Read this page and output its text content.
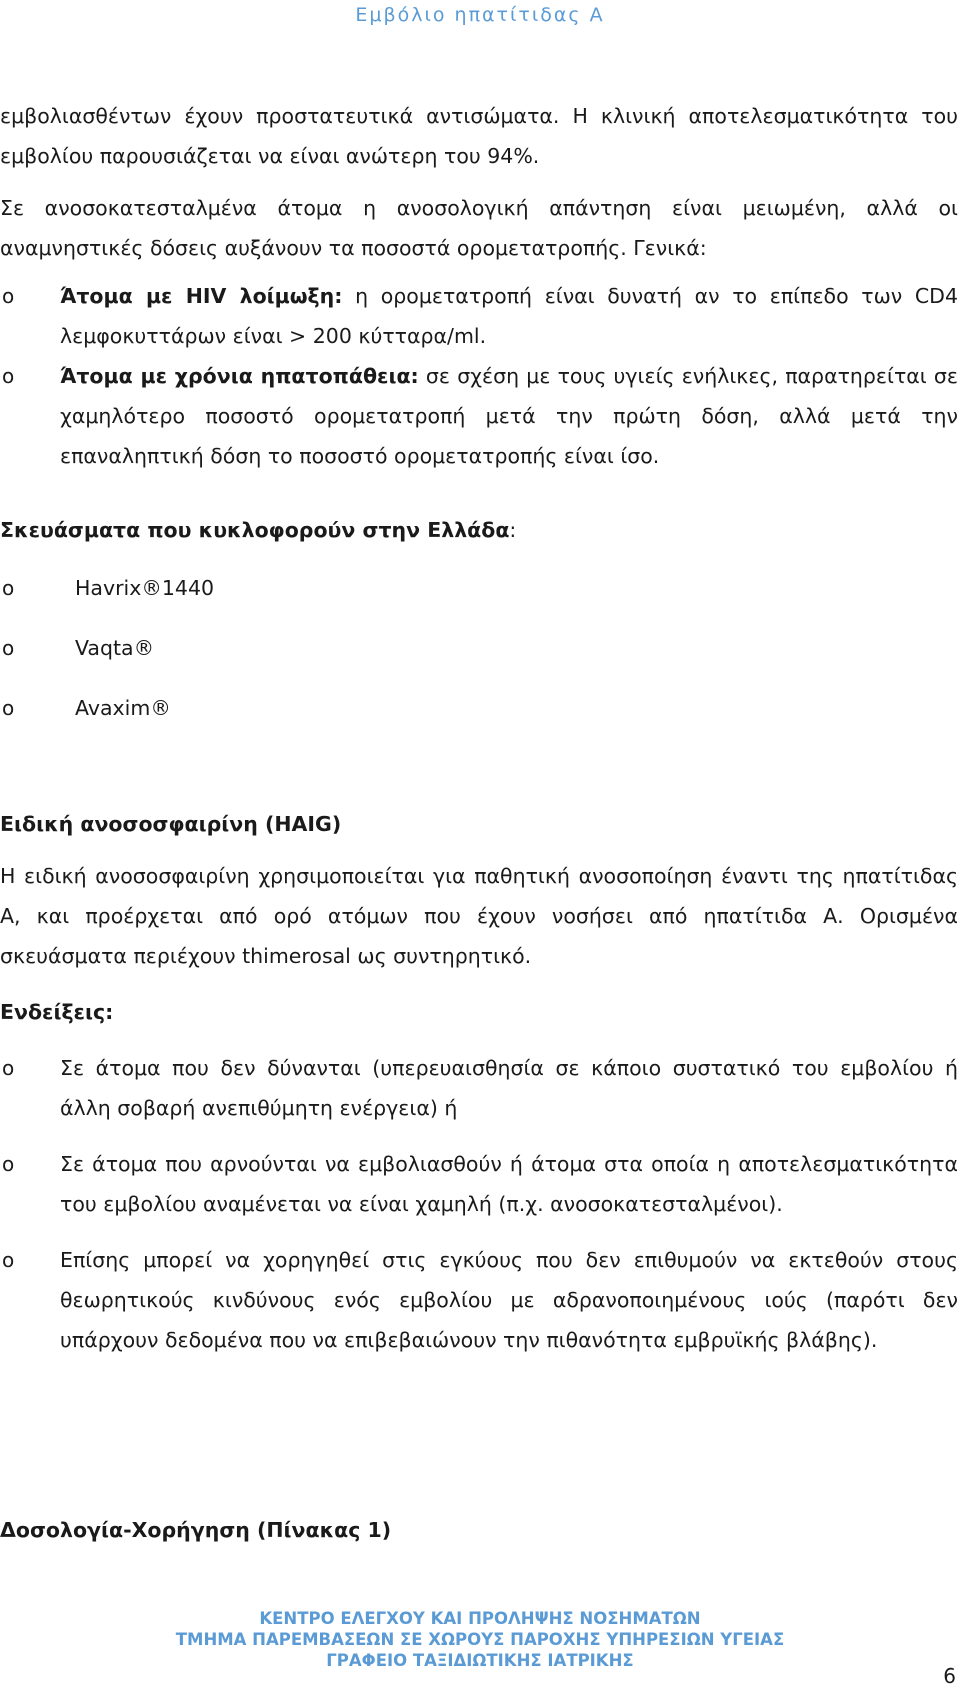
Εμβόλιο ηπατίτιδας Α

εμβολιασθέντων έχουν προστατευτικά αντισώματα. Η κλινική αποτελεσματικότητα του εμβολίου παρουσιάζεται να είναι ανώτερη του 94%.

Σε ανοσοκατεσταλμένα άτομα η ανοσολογική απάντηση είναι μειωμένη, αλλά οι αναμνηστικές δόσεις αυξάνουν τα ποσοστά ορομετατροπής. Γενικά:

o Άτομα με HIV λοίμωξη: η ορομετατροπή είναι δυνατή αν το επίπεδο των CD4 λεμφοκυττάρων είναι > 200 κύτταρα/ml.
o Άτομα με χρόνια ηπατοπάθεια: σε σχέση με τους υγιείς ενήλικες, παρατηρείται σε χαμηλότερο ποσοστό ορομετατροπή μετά την πρώτη δόση, αλλά μετά την επαναληπτική δόση το ποσοστό ορομετατροπής είναι ίσο.

Σκευάσματα που κυκλοφορούν στην Ελλάδα:

o	Havrix®1440
o	Vaqta®
o	Avaxim®

Ειδική ανοσοσφαιρίνη (HAIG)

Η ειδική ανοσοσφαιρίνη χρησιμοποιείται για παθητική ανοσοποίηση έναντι της ηπατίτιδας Α, και προέρχεται από ορό ατόμων που έχουν νοσήσει από ηπατίτιδα Α. Ορισμένα σκευάσματα περιέχουν thimerosal ως συντηρητικό.

Ενδείξεις:

o Σε άτομα που δεν δύνανται (υπερευαισθησία σε κάποιο συστατικό του εμβολίου ή άλλη σοβαρή ανεπιθύμητη ενέργεια) ή
o Σε άτομα που αρνούνται να εμβολιασθούν ή άτομα στα οποία η αποτελεσματικότητα του εμβολίου αναμένεται να είναι χαμηλή (π.χ. ανοσοκατεσταλμένοι).
o Επίσης μπορεί να χορηγηθεί στις εγκύους που δεν επιθυμούν να εκτεθούν στους θεωρητικούς κινδύνους ενός εμβολίου με αδρανοποιημένους ιούς (παρότι δεν υπάρχουν δεδομένα που να επιβεβαιώνουν την πιθανότητα εμβρυϊκής βλάβης).

Δοσολογία-Χορήγηση (Πίνακας 1)

ΚΕΝΤΡΟ ΕΛΕΓΧΟΥ ΚΑΙ ΠΡΟΛΗΨΗΣ ΝΟΣΗΜΑΤΩΝ
ΤΜΗΜΑ ΠΑΡΕΜΒΑΣΕΩΝ ΣΕ ΧΩΡΟΥΣ ΠΑΡΟΧΗΣ ΥΠΗΡΕΣΙΩΝ ΥΓΕΙΑΣ
ΓΡΑΦΕΙΟ ΤΑΞΙΔΙΩΤΙΚΗΣ ΙΑΤΡΙΚΗΣ
6
